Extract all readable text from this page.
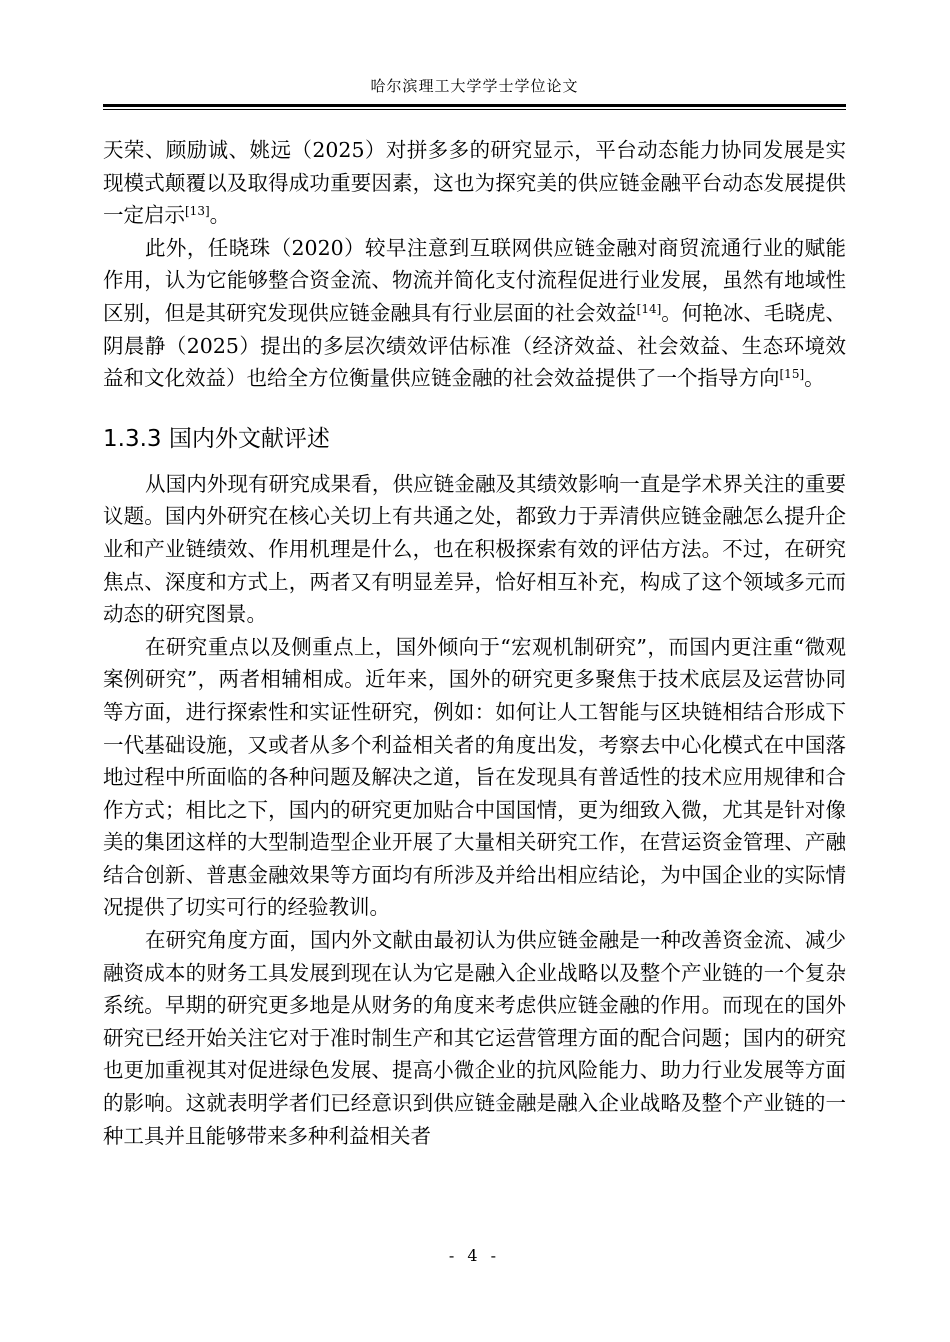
哈尔滨理工大学学士学位论文

天荣、顾励诚、姚远（2025）对拼多多的研究显示，平台动态能力协同发展是实现模式颠覆以及取得成功重要因素，这也为探究美的供应链金融平台动态发展提供一定启示[13]。

此外，任晓珠（2020）较早注意到互联网供应链金融对商贸流通行业的赋能作用，认为它能够整合资金流、物流并简化支付流程促进行业发展，虽然有地域性区别，但是其研究发现供应链金融具有行业层面的社会效益[14]。何艳冰、毛晓虎、阴晨静（2025）提出的多层次绩效评估标准（经济效益、社会效益、生态环境效益和文化效益）也给全方位衡量供应链金融的社会效益提供了一个指导方向[15]。

1.3.3 国内外文献评述

从国内外现有研究成果看，供应链金融及其绩效影响一直是学术界关注的重要议题。国内外研究在核心关切上有共通之处，都致力于弄清供应链金融怎么提升企业和产业链绩效、作用机理是什么，也在积极探索有效的评估方法。不过，在研究焦点、深度和方式上，两者又有明显差异，恰好相互补充，构成了这个领域多元而动态的研究图景。

在研究重点以及侧重点上，国外倾向于“宏观机制研究”，而国内更注重“微观案例研究”，两者相辅相成。近年来，国外的研究更多聚焦于技术底层及运营协同等方面，进行探索性和实证性研究，例如：如何让人工智能与区块链相结合形成下一代基础设施，又或者从多个利益相关者的角度出发，考察去中心化模式在中国落地过程中所面临的各种问题及解决之道，旨在发现具有普适性的技术应用规律和合作方式；相比之下，国内的研究更加贴合中国国情，更为细致入微，尤其是针对像美的集团这样的大型制造型企业开展了大量相关研究工作，在营运资金管理、产融结合创新、普惠金融效果等方面均有所涉及并给出相应结论，为中国企业的实际情况提供了切实可行的经验教训。

在研究角度方面，国内外文献由最初认为供应链金融是一种改善资金流、减少融资成本的财务工具发展到现在认为它是融入企业战略以及整个产业链的一个复杂系统。早期的研究更多地是从财务的角度来考虑供应链金融的作用。而现在的国外研究已经开始关注它对于准时制生产和其它运营管理方面的配合问题；国内的研究也更加重视其对促进绿色发展、提高小微企业的抗风险能力、助力行业发展等方面的影响。这就表明学者们已经意识到供应链金融是融入企业战略及整个产业链的一种工具并且能够带来多种利益相关者

- 4 -
